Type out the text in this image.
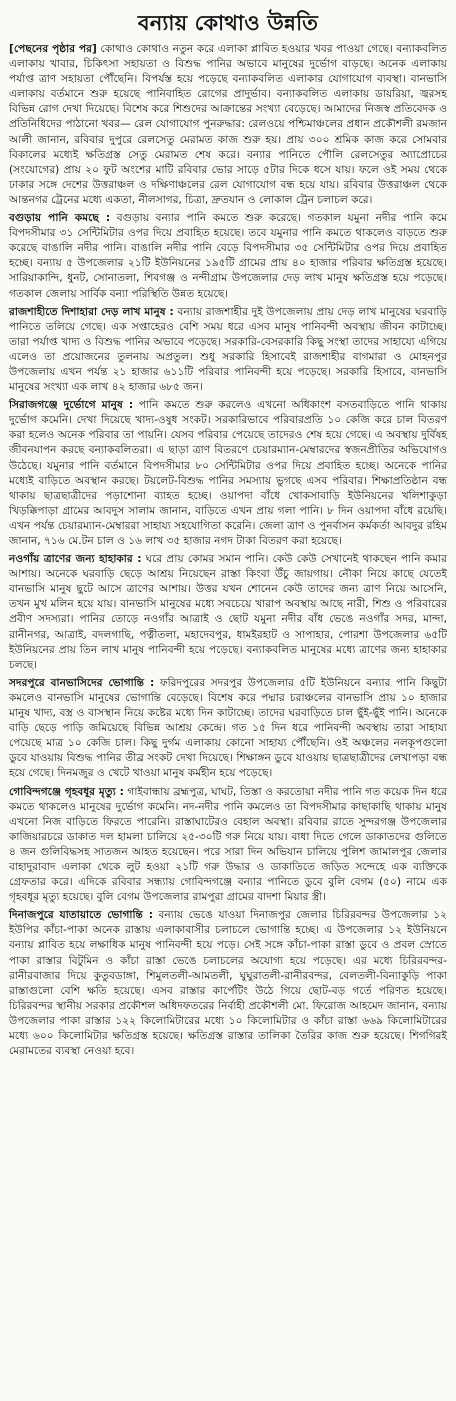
বন্যায় কোথাও উন্নতি

[পেছনের পৃষ্ঠার পর] কোথাও কোথাও নতুন করে এলাকা প্লাবিত হওয়ার খবর পাওয়া গেছে। বন্যাকবলিত এলাকায় খাবার, চিকিৎসা সহায়তা ও বিশুদ্ধ পানির অভাবে মানুষের দুর্ভোগ বাড়ছে। অনেক এলাকায় পর্যাপ্ত ত্রাণ সহায়তা পৌঁছেনি। বিপর্যস্ত হয়ে পড়েছে বন্যাকবলিত এলাকার যোগাযোগ ব্যবস্থা। বানভাসি এলাকায় বর্তমানে শুরু হয়েছে পানিবাহিত রোগের প্রাদুর্ভাব। বন্যাকবলিত এলাকায় ডায়রিয়া, জ্বরসহ বিভিন্ন রোগ দেখা দিয়েছে। বিশেষ করে শিশুদের আক্রান্তের সংখ্যা বেড়েছে। আমাদের নিজস্ব প্রতিবেদক ও প্রতিনিধিদের পাঠানো খবর— রেল যোগাযোগ পুনরুদ্ধার: রেলওয়ে পশ্চিমাঞ্চলের প্রধান প্রকৌশলী রমজান আলী জানান, রবিবার দুপুরে রেলসেতু মেরামত কাজ শুরু হয়। প্রায় ৩০০ শ্রমিক কাজ করে সোমবার বিকালের মধ্যেই ক্ষতিগ্রস্ত সেতু মেরামত শেষ করে। বন্যার পানিতে পৌলি রেলসেতুর অ্যাপ্রোচের (সংযোগের) প্রায় ২০ ফুট অংশের মাটি রবিবার ভোর সাড়ে ৫টার দিকে ধসে যায়। ফলে ওই সময় থেকে ঢাকার সঙ্গে দেশের উত্তরাঞ্চল ও দক্ষিণাঞ্চলের রেল যোগাযোগ বন্ধ হয়ে যায়। রবিবার উত্তরাঞ্চল থেকে আন্তনগর ট্রেনের মধ্যে একতা, নীলসাগর, চিত্রা, দ্রুতযান ও লোকাল ট্রেন চলাচল করে।

বগুড়ায় পানি কমছে : বগুড়ায় বন্যার পানি কমতে শুরু করেছে। গতকাল যমুনা নদীর পানি কমে বিপদসীমার ৩১ সেন্টিমিটার ওপর দিয়ে প্রবাহিত হয়েছে। তবে যমুনার পানি কমতে থাকলেও বাড়তে শুরু করেছে বাঙালি নদীর পানি। বাঙালি নদীর পানি বেড়ে বিপদসীমার ৩৫ সেন্টিমিটার ওপর দিয়ে প্রবাহিত হচ্ছে। বন্যায় ৫ উপজেলার ২১টি ইউনিয়নের ১৯৫টি গ্রামের প্রায় ৪০ হাজার পরিবার ক্ষতিগ্রস্ত হয়েছে। সারিয়াকান্দি, ধুনট, সোনাতলা, শিবগঞ্জ ও নন্দীগ্রাম উপজেলার দেড় লাখ মানুষ ক্ষতিগ্রস্ত হয়ে পড়েছে। গতকাল জেলায় সার্বিক বন্যা পরিস্থিতি উন্নত হয়েছে।

রাজশাহীতে দিশাহারা দেড় লাখ মানুষ : বন্যায় রাজশাহীর দুই উপজেলায় প্রায় দেড় লাখ মানুষের ঘরবাড়ি পানিতে তলিয়ে গেছে। এক সপ্তাহেরও বেশি সময় ধরে এসব মানুষ পানিবন্দী অবস্থায় জীবন কাটাচ্ছে। তারা পর্যাপ্ত খাদ্য ও বিশুদ্ধ পানির অভাবে পড়েছে। সরকারি-বেসরকারি কিছু সংস্থা তাদের সাহায্যে এগিয়ে এলেও তা প্রয়োজনের তুলনায় অপ্রতুল। শুধু সরকারি হিসাবেই রাজশাহীর বাগমারা ও মোহনপুর উপজেলায় এখন পর্যন্ত ২১ হাজার ৬১১টি পরিবার পানিবন্দী হয়ে পড়েছে। সরকারি হিসাবে, বানভাসি মানুষের সংখ্যা এক লাখ ৪২ হাজার ৬৮৫ জন।

সিরাজগঞ্জে দুর্ভোগে মানুষ : পানি কমতে শুরু করলেও এখনো অধিকাংশ বসতবাড়িতে পানি থাকায় দুর্ভোগ কমেনি। দেখা দিয়েছে খাদ্য-ওষুধ সংকট। সরকারিভাবে পরিবারপ্রতি ১০ কেজি করে চাল বিতরণ করা হলেও অনেক পরিবার তা পায়নি। যেসব পরিবার পেয়েছে তাদেরও শেষ হয়ে গেছে। এ অবস্থায় দুর্বিষহ জীবনযাপন করছে বন্যাকবলিতরা। এ ছাড়া ত্রাণ বিতরণে চেয়ারম্যান-মেম্বারদের স্বজনপ্রীতির অভিযোগও উঠেছে। যমুনার পানি বর্তমানে বিপদসীমার ৮০ সেন্টিমিটার ওপর দিয়ে প্রবাহিত হচ্ছে। অনেকে পানির মধ্যেই বাড়িতে অবস্থান করছে। টয়লেট-বিশুদ্ধ পানির সমস্যায় ভুগছে এসব পরিবার। শিক্ষাপ্রতিষ্ঠান বন্ধ থাকায় ছাত্রছাত্রীদের পড়াশোনা ব্যাহত হচ্ছে। ওয়াপদা বাঁধে খোকসাবাড়ি ইউনিয়নের খলিশাকুড়া খিড়ক্কিপাড়া গ্রামের আবদুস সালাম জানান, বাড়িতে এখন প্রায় গলা পানি। ৮ দিন ওয়াপদা বাঁধে রয়েছি। এখন পর্যন্ত চেয়ারম্যান-মেম্বাররা সাহায্য সহযোগিতা করেনি। জেলা ত্রাণ ও পুনর্বাসন কর্মকর্তা আবদুর রহিম জানান, ৭১৬ মে.টন চাল ও ১৬ লাখ ৩৫ হাজার নগদ টাকা বিতরণ করা হয়েছে।

নওগাঁয় ত্রাণের জন্য হাহাকার : ঘরে প্রায় কোমর সমান পানি। কেউ কেউ সেখানেই থাকছেন পানি কমার আশায়। অনেকে ঘরবাড়ি ছেড়ে আশ্রয় নিয়েছেন রাস্তা কিংবা উঁচু জায়গায়। নৌকা নিয়ে কাছে যেতেই বানভাসি মানুষ ছুটে আসে ত্রাণের আশায়। উত্তর যখন শোনেন কেউ তাদের জন্য ত্রাণ নিয়ে আসেনি, তখন মুখ মলিন হয়ে যায়। বানভাসি মানুষের মধ্যে সবচেয়ে খারাপ অবস্থায় আছে নারী, শিশু ও পরিবারের প্রবীণ সদস্যরা। পানির তোড়ে নওগাঁর আত্রাই ও ছোট যমুনা নদীর বাঁধ ভেঙে নওগাঁর সদর, মান্দা, রানীনগর, আত্রাই, বদলগাছি, পত্নীতলা, মহাদেবপুর, ধামইরহাট ও সাপাহার, পোরশা উপজেলার ৬৫টি ইউনিয়নের প্রায় তিন লাখ মানুষ পানিবন্দী হয়ে পড়েছে। বন্যাকবলিত মানুষের মধ্যে ত্রাণের জন্য হাহাকার চলছে।

সদরপুরে বানভাসিদের ভোগান্তি : ফরিদপুরের সদরপুর উপজেলার ৫টি ইউনিয়নে বন্যার পানি কিছুটা কমলেও বানভাসি মানুষের ভোগান্তি বেড়েছে। বিশেষ করে পদ্মার চরাঞ্চলের বানভাসি প্রায় ১০ হাজার মানুষ খাদ্য, বস্ত্র ও বাসস্থান নিয়ে কষ্টের মধ্যে দিন কাটাচ্ছে। তাদের ঘরবাড়িতে চাল ছুঁই-ছুঁই পানি। অনেকে বাড়ি ছেড়ে পাড়ি জমিয়েছে বিভিন্ন আশ্রয় কেন্দ্রে। গত ১৫ দিন ধরে পানিবন্দী অবস্থায় তারা সাহায্য পেয়েছে মাত্র ১০ কেজি চাল। কিছু দুর্গম এলাকায় কোনো সাহায্য পৌঁছেনি। ওই অঞ্চলের নলকূপগুলো ডুবে যাওয়ায় বিশুদ্ধ পানির তীব্র সংকট দেখা দিয়েছে। শিক্ষাঙ্গন ডুবে যাওয়ায় ছাত্রছাত্রীদের লেখাপড়া বন্ধ হয়ে গেছে। দিনমজুর ও খেটে খাওয়া মানুষ কর্মহীন হয়ে পড়েছে।

গোবিন্দগঞ্জে গৃহবধূর মৃত্যু : গাইবান্ধায় ব্রহ্মপুত্র, ঘাঘট, তিস্তা ও করতোয়া নদীর পানি গত কয়েক দিন ধরে কমতে থাকলেও মানুষের দুর্ভোগ কমেনি। নদ-নদীর পানি কমলেও তা বিপদসীমার কাছাকাছি থাকায় মানুষ এখনো নিজ বাড়িতে ফিরতে পারেনি। রাস্তাঘাটেরও বেহাল অবস্থা। রবিবার রাতে সুন্দরগঞ্জ উপজেলার কাজিয়ারচরে ডাকাত দল হামলা চালিয়ে ২৫-৩০টি গরু নিয়ে যায়। বাধা দিতে গেলে ডাকাতদের গুলিতে ৪ জন গুলিবিদ্ধসহ সাতজন আহত হয়েছেন। পরে সারা দিন অভিযান চালিয়ে পুলিশ জামালপুর জেলার বাহাদুরাবাদ এলাকা থেকে লুট হওয়া ২১টি গরু উদ্ধার ও ডাকাতিতে জড়িত সন্দেহে এক ব্যক্তিকে গ্রেফতার করে। এদিকে রবিবার সন্ধ্যায় গোবিন্দগঞ্জে বন্যার পানিতে ডুবে বুলি বেগম (৫০) নামে এক গৃহবধূর মৃত্যু হয়েছে। বুলি বেগম উপজেলার রামপুরা গ্রামের বাদশা মিয়ার স্ত্রী।

দিনাজপুরে যাতায়াতে ভোগান্তি : বন্যায় ভেঙে যাওয়া দিনাজপুর জেলার চিরিরবন্দর উপজেলার ১২ ইউপির কাঁচা-পাকা অনেক রাস্তায় এলাকাবাসীর চলাচলে ভোগান্তি হচ্ছে। এ উপজেলার ১২ ইউনিয়নে বন্যায় প্লাবিত হয়ে লক্ষাধিক মানুষ পানিবন্দী হয়ে পড়ে। সেই সঙ্গে কাঁচা-পাকা রাস্তা ডুবে ও প্রবল স্রোতে পাকা রাস্তার বিটুমিন ও কাঁচা রাস্তা ভেঙে চলাচলের অযোগ্য হয়ে পড়েছে। এর মধ্যে চিরিরবন্দর-রানীরবাজার দিয়ে কুতুবডাঙ্গা, শিমুলতলী-আমতলী, ঘুঘুরাতলী-রানীরবন্দর, বেলতলী-বিন্যাকুড়ি পাকা রাস্তাগুলো বেশি ক্ষতি হয়েছে। এসব রাস্তার কার্পেটিং উঠে গিয়ে ছোট-বড় গর্তে পরিণত হয়েছে। চিরিরবন্দর স্থানীয় সরকার প্রকৌশল অধিদফতরের নির্বাহী প্রকৌশলী মো. ফিরোজ আহমেদ জানান, বন্যায় উপজেলার পাকা রাস্তার ১২২ কিলোমিটারের মধ্যে ১০ কিলোমিটার ও কাঁচা রাস্তা ৬৬৯ কিলোমিটারের মধ্যে ৬০০ কিলোমিটার ক্ষতিগ্রস্ত হয়েছে। ক্ষতিগ্রস্ত রাস্তার তালিকা তৈরির কাজ শুরু হয়েছে। শিগগিরই মেরামতের ব্যবস্থা নেওয়া হবে।
